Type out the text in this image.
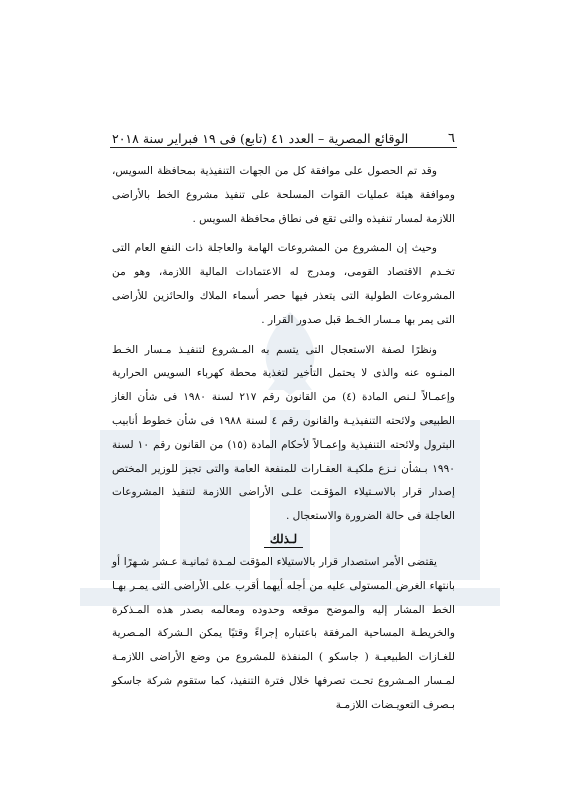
٦
الوقائع المصرية – العدد ٤١ (تابع) فى ١٩ فبراير سنة ٢٠١٨

وقد تم الحصول على موافقة كل من الجهات التنفيذية بمحافظة السويس، وموافقة هيئة عمليات القوات المسلحة على تنفيذ مشروع الخط بالأراضى اللازمة لمسار تنفيذه والتى تقع فى نطاق محافظة السويس .

وحيث إن المشروع من المشروعات الهامة والعاجلة ذات النفع العام التى تخـدم الاقتصاد القومى، ومدرج له الاعتمادات المالية اللازمة، وهو من المشروعات الطولية التى يتعذر فيها حصر أسماء الملاك والحائزين للأراضى التى يمر بها مـسار الخـط قبل صدور القرار .

ونظرًا لصفة الاستعجال التى يتسم به المـشروع لتنفيـذ مـسار الخـط المنـوه عنه والذى لا يحتمل التأخير لتغذية محطة كهرباء السويس الحرارية وإعمـالاً لـنص المادة (٤) من القانون رقم ٢١٧ لسنة ١٩٨٠ فى شأن الغاز الطبيعى ولائحته التنفيذيـة والقانون رقم ٤ لسنة ١٩٨٨ فى شأن خطوط أنابيب البترول ولائحته التنفيذية وإعمـالاً لأحكام المادة (١٥) من القانون رقم ١٠ لسنة ١٩٩٠ بـشأن نـزع ملكيـة العقـارات للمنفعة العامة والتى تجيز للوزير المختص إصدار قرار بالاسـتيلاء المؤقـت علـى الأراضى اللازمة لتنفيذ المشروعات العاجلة فى حالة الضرورة والاستعجال .

لـذلك

يقتضى الأمر استصدار قرار بالاستيلاء المؤقت لمـدة ثمانيـة عـشر شـهرًا أو بانتهاء الغرض المستولى عليه من أجله أيهما أقرب على الأراضى التى يمـر بهـا الخط المشار إليه والموضح موقعه وحدوده ومعالمه بصدر هذه المـذكرة والخريطـة المساحية المرفقة باعتباره إجراءً وقتيًا يمكن الـشركة المـصرية للغـازات الطبيعيـة ( جاسكو ) المنفذة للمشروع من وضع الأراضى اللازمـة لمـسار المـشروع تحـت تصرفها خلال فترة التنفيذ، كما ستقوم شركة جاسكو بـصرف التعويـضات اللازمـة
